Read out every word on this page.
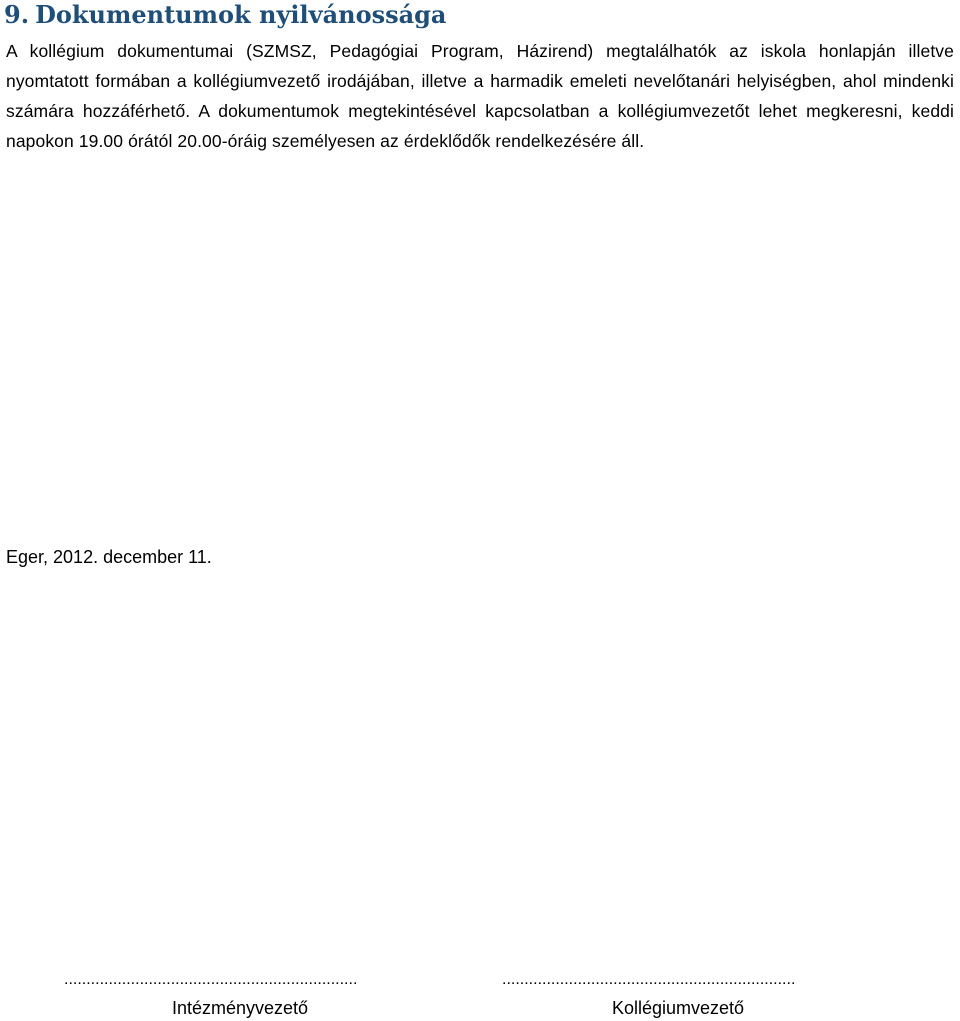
9. Dokumentumok nyilvánossága

A kollégium dokumentumai (SZMSZ, Pedagógiai Program, Házirend) megtalálhatók az iskola honlapján illetve nyomtatott formában a kollégiumvezető irodájában, illetve a harmadik emeleti nevelőtanári helyiségben, ahol mindenki számára hozzáférhető. A dokumentumok megtekintésével kapcsolatban a kollégiumvezetőt lehet megkeresni, keddi napokon 19.00 órától 20.00-óráig személyesen az érdeklődők rendelkezésére áll.

Eger, 2012. december 11.

..................................................................
Intézményvezető
..................................................................
Kollégiumvezető
